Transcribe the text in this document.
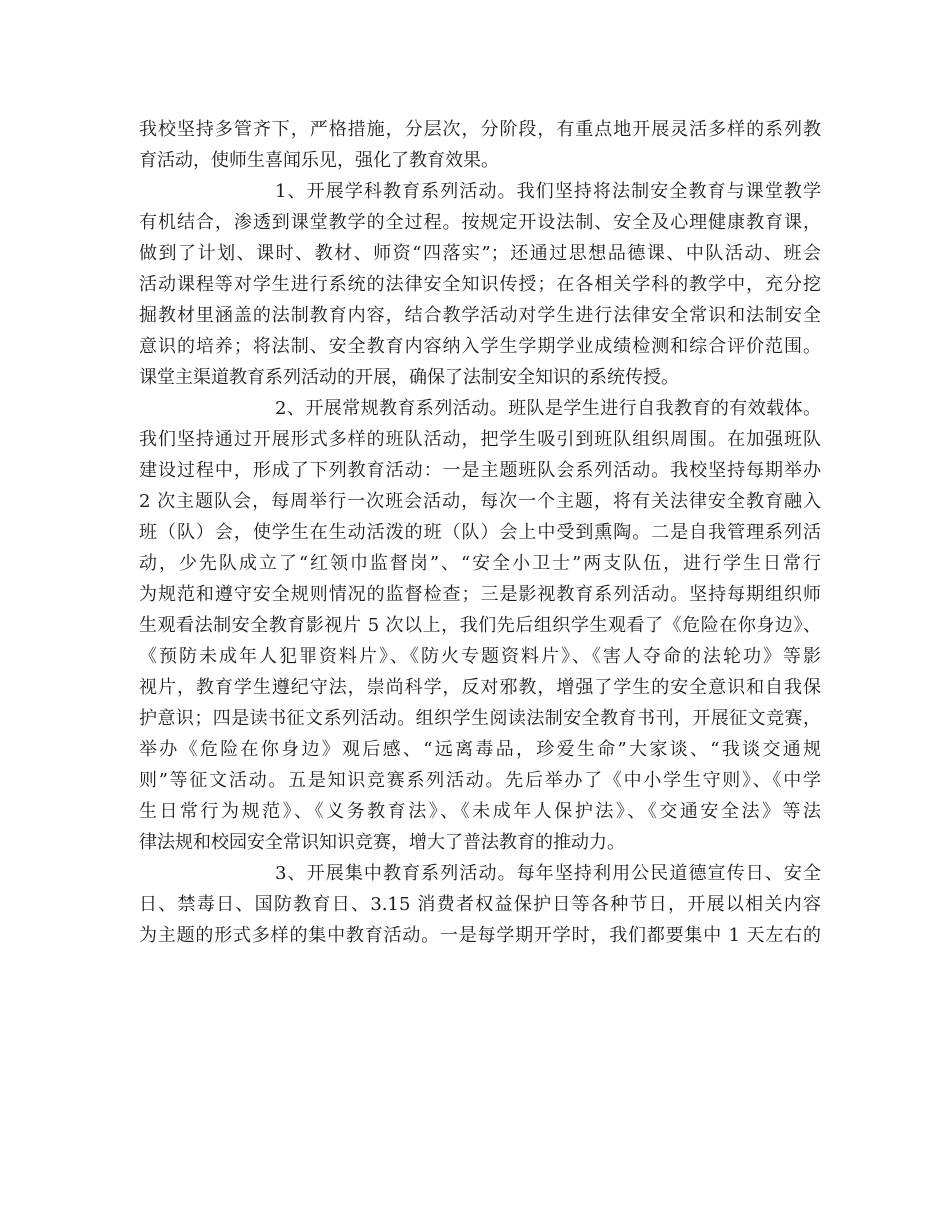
我校坚持多管齐下，严格措施，分层次，分阶段，有重点地开展灵活多样的系列教
育活动，使师生喜闻乐见，强化了教育效果。
1、开展学科教育系列活动。我们坚持将法制安全教育与课堂教学
有机结合，渗透到课堂教学的全过程。按规定开设法制、安全及心理健康教育课，
做到了计划、课时、教材、师资“四落实”；还通过思想品德课、中队活动、班会
活动课程等对学生进行系统的法律安全知识传授；在各相关学科的教学中，充分挖
掘教材里涵盖的法制教育内容，结合教学活动对学生进行法律安全常识和法制安全
意识的培养；将法制、安全教育内容纳入学生学期学业成绩检测和综合评价范围。
课堂主渠道教育系列活动的开展，确保了法制安全知识的系统传授。
2、开展常规教育系列活动。班队是学生进行自我教育的有效载体。
我们坚持通过开展形式多样的班队活动，把学生吸引到班队组织周围。在加强班队
建设过程中，形成了下列教育活动：一是主题班队会系列活动。我校坚持每期举办
2 次主题队会，每周举行一次班会活动，每次一个主题，将有关法律安全教育融入
班（队）会，使学生在生动活泼的班（队）会上中受到熏陶。二是自我管理系列活
动，少先队成立了“红领巾监督岗”、“安全小卫士”两支队伍，进行学生日常行
为规范和遵守安全规则情况的监督检查；三是影视教育系列活动。坚持每期组织师
生观看法制安全教育影视片 5 次以上，我们先后组织学生观看了《危险在你身边》、
《预防未成年人犯罪资料片》、《防火专题资料片》、《害人夺命的法轮功》等影
视片，教育学生遵纪守法，崇尚科学，反对邪教，增强了学生的安全意识和自我保
护意识；四是读书征文系列活动。组织学生阅读法制安全教育书刊，开展征文竞赛，
举办《危险在你身边》观后感、“远离毒品，珍爱生命”大家谈、“我谈交通规
则”等征文活动。五是知识竞赛系列活动。先后举办了《中小学生守则》、《中学
生日常行为规范》、《义务教育法》、《未成年人保护法》、《交通安全法》等法
律法规和校园安全常识知识竞赛，增大了普法教育的推动力。
3、开展集中教育系列活动。每年坚持利用公民道德宣传日、安全
日、禁毒日、国防教育日、3.15 消费者权益保护日等各种节日，开展以相关内容
为主题的形式多样的集中教育活动。一是每学期开学时，我们都要集中 1 天左右的
